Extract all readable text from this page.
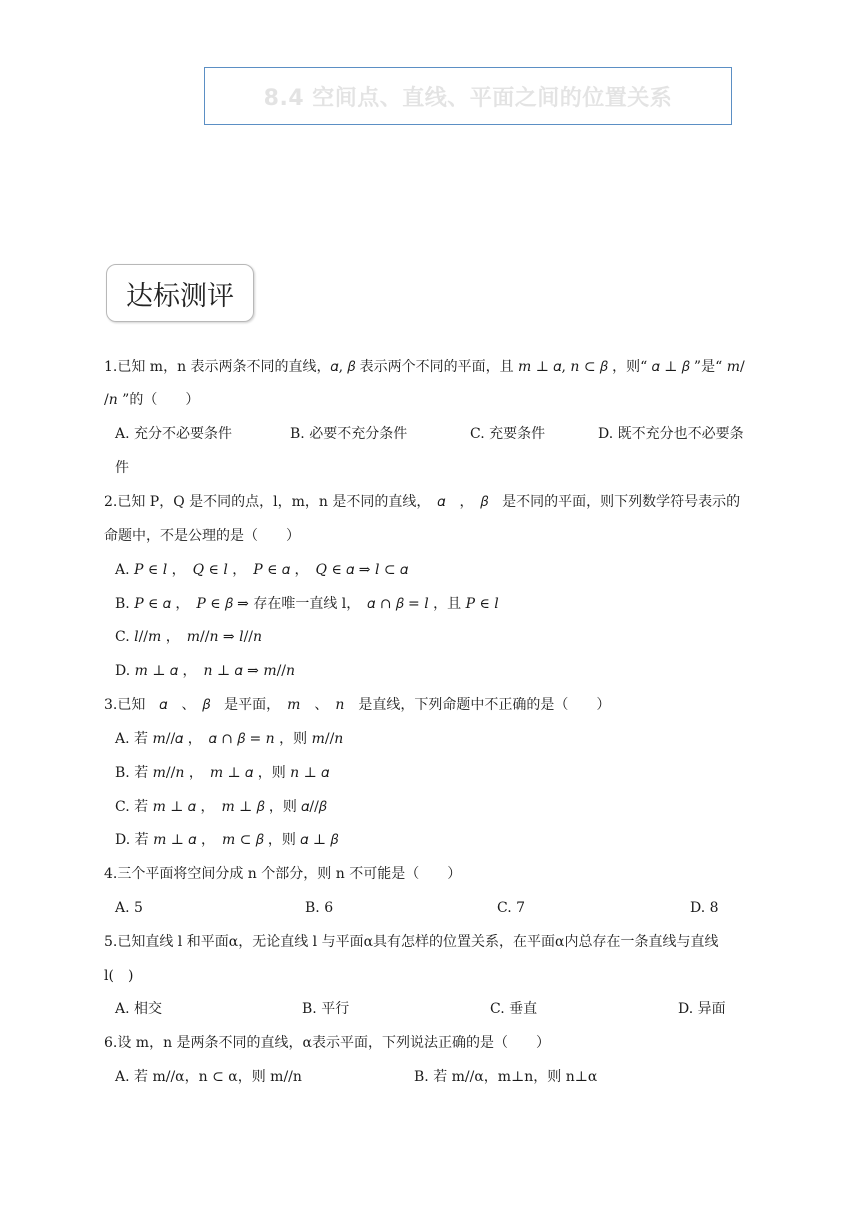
8.4 空间点、直线、平面之间的位置关系
达标测评
1.已知 m，n 表示两条不同的直线，𝛼, 𝛽 表示两个不同的平面，且 𝑚 ⊥ 𝛼, 𝑛 ⊂ 𝛽 ，则“ 𝛼 ⊥ 𝛽 ”是“ 𝑚/
/𝑛 ”的（　　）
A. 充分不必要条件	B. 必要不充分条件	C. 充要条件	D. 既不充分也不必要条
件
2.已知 P，Q 是不同的点，l，m，n 是不同的直线，　𝛼　，　𝛽　是不同的平面，则下列数学符号表示的
命题中，不是公理的是（　　）
A. 𝑃 ∈ 𝑙 ，　𝑄 ∈ 𝑙 ，　𝑃 ∈ 𝛼 ，　𝑄 ∈ 𝛼 ⇒ 𝑙 ⊂ 𝛼
B. 𝑃 ∈ 𝛼 ，　𝑃 ∈ 𝛽 ⇒ 存在唯一直线 l，　𝛼 ∩ 𝛽 = 𝑙 ，且 𝑃 ∈ 𝑙
C. 𝑙//𝑚 ，　𝑚//𝑛 ⇒ 𝑙//𝑛
D. 𝑚 ⊥ 𝛼 ，　𝑛 ⊥ 𝛼 ⇒ 𝑚//𝑛
3.已知　𝛼　、　𝛽　是平面，　𝑚　、　𝑛　是直线，下列命题中不正确的是（　　）
A. 若 𝑚//𝛼 ，　𝛼 ∩ 𝛽 = 𝑛 ，则 𝑚//𝑛
B. 若 𝑚//𝑛 ，　𝑚 ⊥ 𝛼 ，则 𝑛 ⊥ 𝛼
C. 若 𝑚 ⊥ 𝛼 ，　𝑚 ⊥ 𝛽 ，则 𝛼//𝛽
D. 若 𝑚 ⊥ 𝛼 ，　𝑚 ⊂ 𝛽 ，则 𝛼 ⊥ 𝛽
4.三个平面将空间分成 n 个部分，则 n 不可能是（　　）
A. 5	B. 6	C. 7	D. 8
5.已知直线 l 和平面α，无论直线 l 与平面α具有怎样的位置关系，在平面α内总存在一条直线与直线
l(　)
A. 相交	B. 平行	C. 垂直	D. 异面
6.设 m，n 是两条不同的直线，α表示平面，下列说法正确的是（　　）
A. 若 m//α，n ⊂ α，则 m//n	B. 若 m//α，m⊥n，则 n⊥α
